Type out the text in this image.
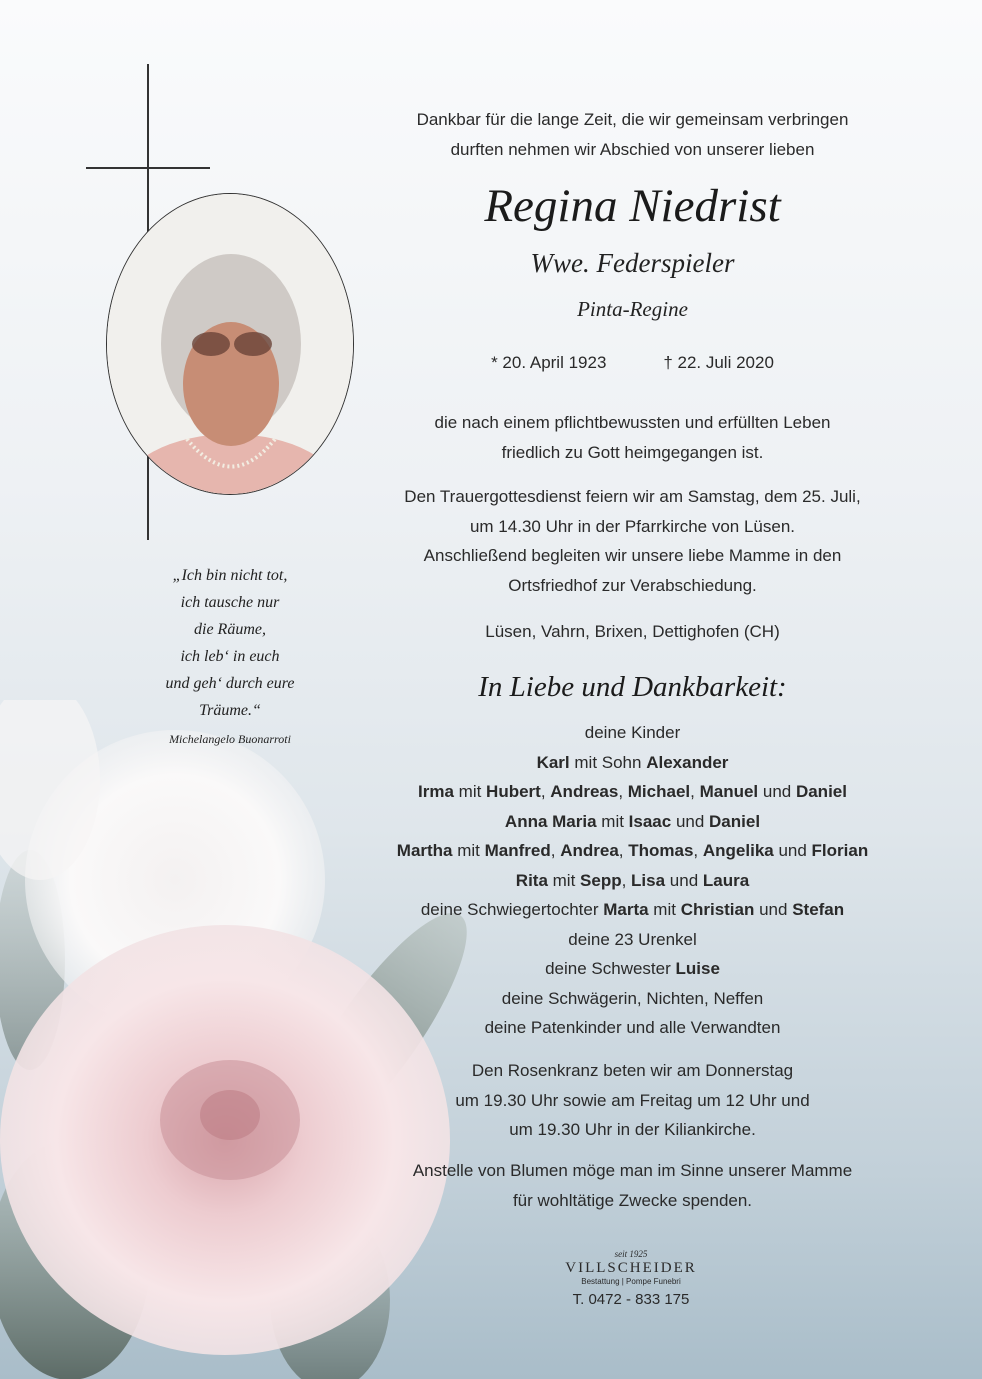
„Ich bin nicht tot,
ich tausche nur
die Räume,
ich leb‘ in euch
und geh‘ durch eure
Träume.“
Michelangelo Buonarroti
Dankbar für die lange Zeit, die wir gemeinsam verbringen
durften nehmen wir Abschied von unserer lieben
Regina Niedrist
Wwe. Federspieler
Pinta-Regine
* 20. April 1923	† 22. Juli 2020
die nach einem pflichtbewussten und erfüllten Leben
friedlich zu Gott heimgegangen ist.
Den Trauergottesdienst feiern wir am Samstag, dem 25. Juli,
um 14.30 Uhr in der Pfarrkirche von Lüsen.
Anschließend begleiten wir unsere liebe Mamme in den
Ortsfriedhof zur Verabschiedung.
Lüsen, Vahrn, Brixen, Dettighofen (CH)
In Liebe und Dankbarkeit:
deine Kinder
Karl mit Sohn Alexander
Irma mit Hubert, Andreas, Michael, Manuel und Daniel
Anna Maria mit Isaac und Daniel
Martha mit Manfred, Andrea, Thomas, Angelika und Florian
Rita mit Sepp, Lisa und Laura
deine Schwiegertochter Marta mit Christian und Stefan
deine 23 Urenkel
deine Schwester Luise
deine Schwägerin, Nichten, Neffen
deine Patenkinder und alle Verwandten
Den Rosenkranz beten wir am Donnerstag
um 19.30 Uhr sowie am Freitag um 12 Uhr und
um 19.30 Uhr in der Kiliankirche.
Anstelle von Blumen möge man im Sinne unserer Mamme
für wohltätige Zwecke spenden.
seit 1925
VILLSCHEIDER
Bestattung | Pompe Funebri
T. 0472 - 833 175
